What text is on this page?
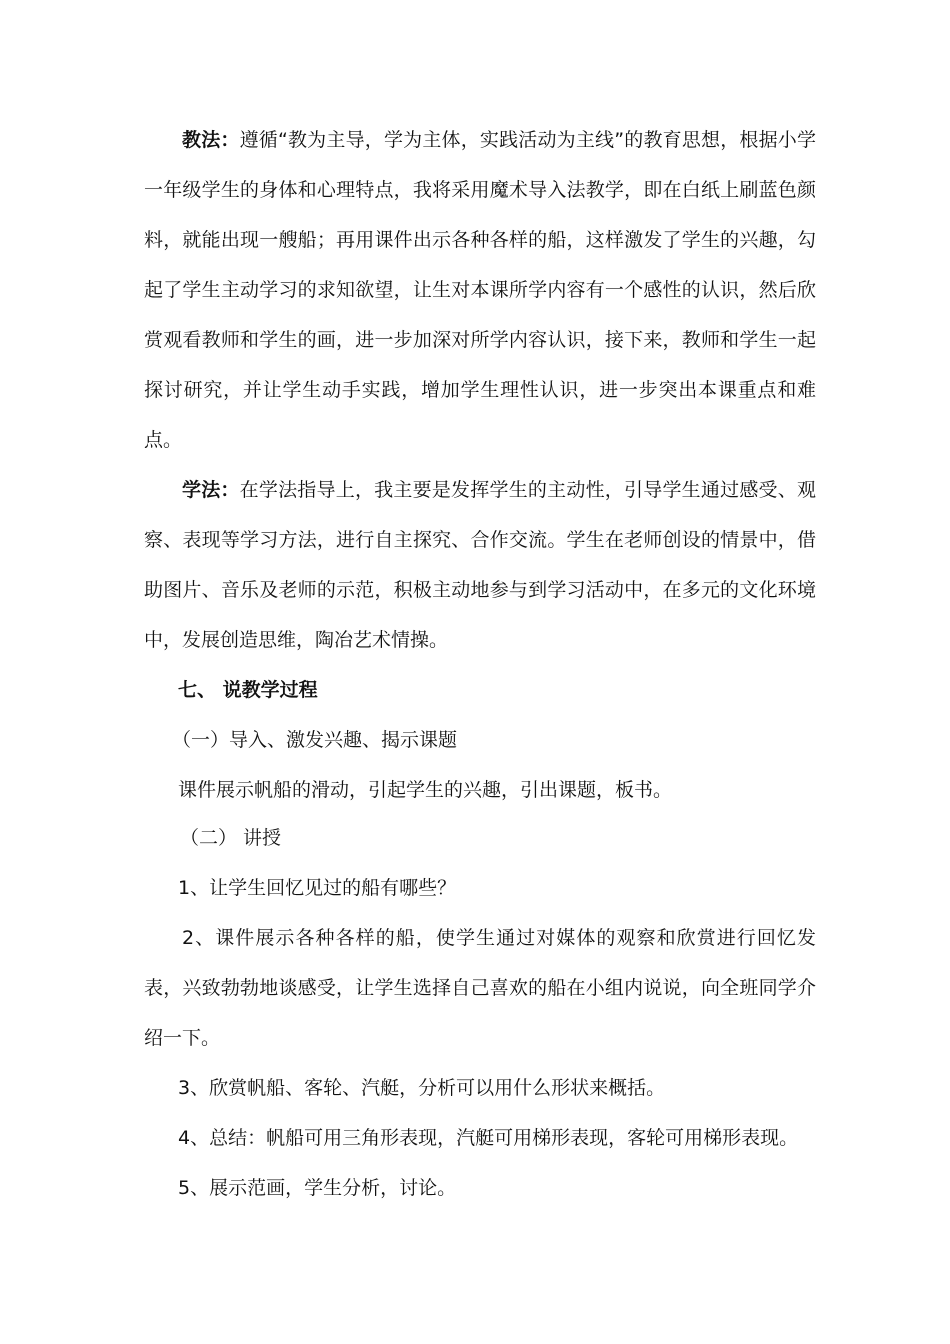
教法：遵循“教为主导，学为主体，实践活动为主线”的教育思想，根据小学一年级学生的身体和心理特点，我将采用魔术导入法教学，即在白纸上刷蓝色颜料，就能出现一艘船；再用课件出示各种各样的船，这样激发了学生的兴趣，勾起了学生主动学习的求知欲望，让生对本课所学内容有一个感性的认识，然后欣赏观看教师和学生的画，进一步加深对所学内容认识，接下来，教师和学生一起探讨研究，并让学生动手实践，增加学生理性认识，进一步突出本课重点和难点。

学法：在学法指导上，我主要是发挥学生的主动性，引导学生通过感受、观察、表现等学习方法，进行自主探究、合作交流。学生在老师创设的情景中，借助图片、音乐及老师的示范，积极主动地参与到学习活动中，在多元的文化环境中，发展创造思维，陶冶艺术情操。

七、 说教学过程

（一）导入、激发兴趣、揭示课题

课件展示帆船的滑动，引起学生的兴趣，引出课题，板书。

（二） 讲授

1、让学生回忆见过的船有哪些？

2、课件展示各种各样的船，使学生通过对媒体的观察和欣赏进行回忆发表，兴致勃勃地谈感受，让学生选择自己喜欢的船在小组内说说，向全班同学介绍一下。

3、欣赏帆船、客轮、汽艇，分析可以用什么形状来概括。

4、总结：帆船可用三角形表现，汽艇可用梯形表现，客轮可用梯形表现。

5、展示范画，学生分析，讨论。
